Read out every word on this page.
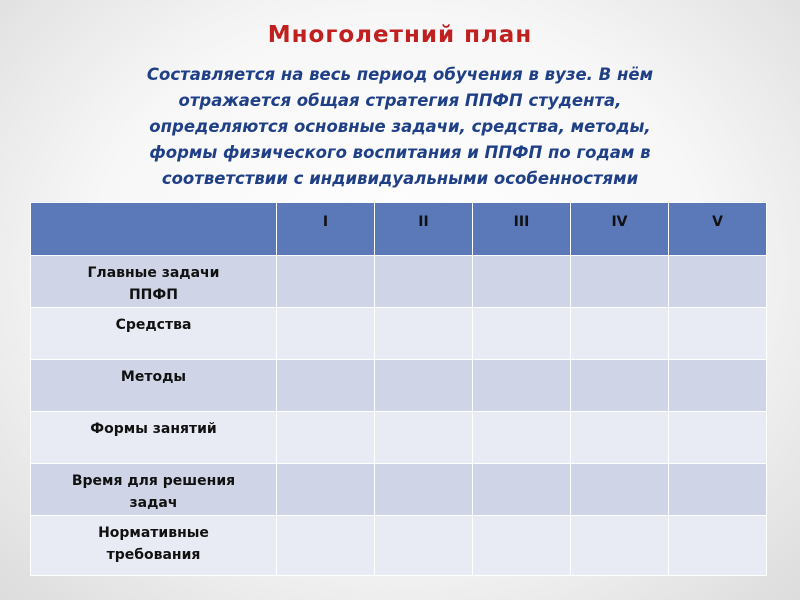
Многолетний план
Составляется на весь период обучения в вузе. В нём
отражается общая стратегия ППФП студента,
определяются основные задачи, средства, методы,
формы физического воспитания и ППФП по годам в
соответствии с индивидуальными особенностями
	I	II	III	IV	V

Главные задачи
ППФП					

Средства					

Методы					

Формы занятий					

Время для решения
задач					

Нормативные
требования					
